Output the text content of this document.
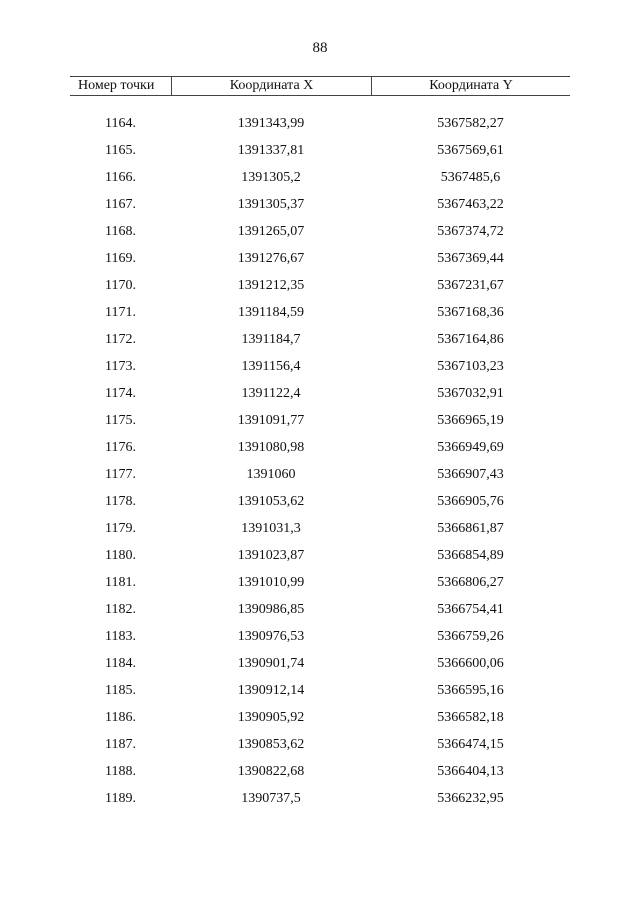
88
Номер точки	Координата X	Координата Y
1164.	1391343,99	5367582,27
1165.	1391337,81	5367569,61
1166.	1391305,2	5367485,6
1167.	1391305,37	5367463,22
1168.	1391265,07	5367374,72
1169.	1391276,67	5367369,44
1170.	1391212,35	5367231,67
1171.	1391184,59	5367168,36
1172.	1391184,7	5367164,86
1173.	1391156,4	5367103,23
1174.	1391122,4	5367032,91
1175.	1391091,77	5366965,19
1176.	1391080,98	5366949,69
1177.	1391060	5366907,43
1178.	1391053,62	5366905,76
1179.	1391031,3	5366861,87
1180.	1391023,87	5366854,89
1181.	1391010,99	5366806,27
1182.	1390986,85	5366754,41
1183.	1390976,53	5366759,26
1184.	1390901,74	5366600,06
1185.	1390912,14	5366595,16
1186.	1390905,92	5366582,18
1187.	1390853,62	5366474,15
1188.	1390822,68	5366404,13
1189.	1390737,5	5366232,95
